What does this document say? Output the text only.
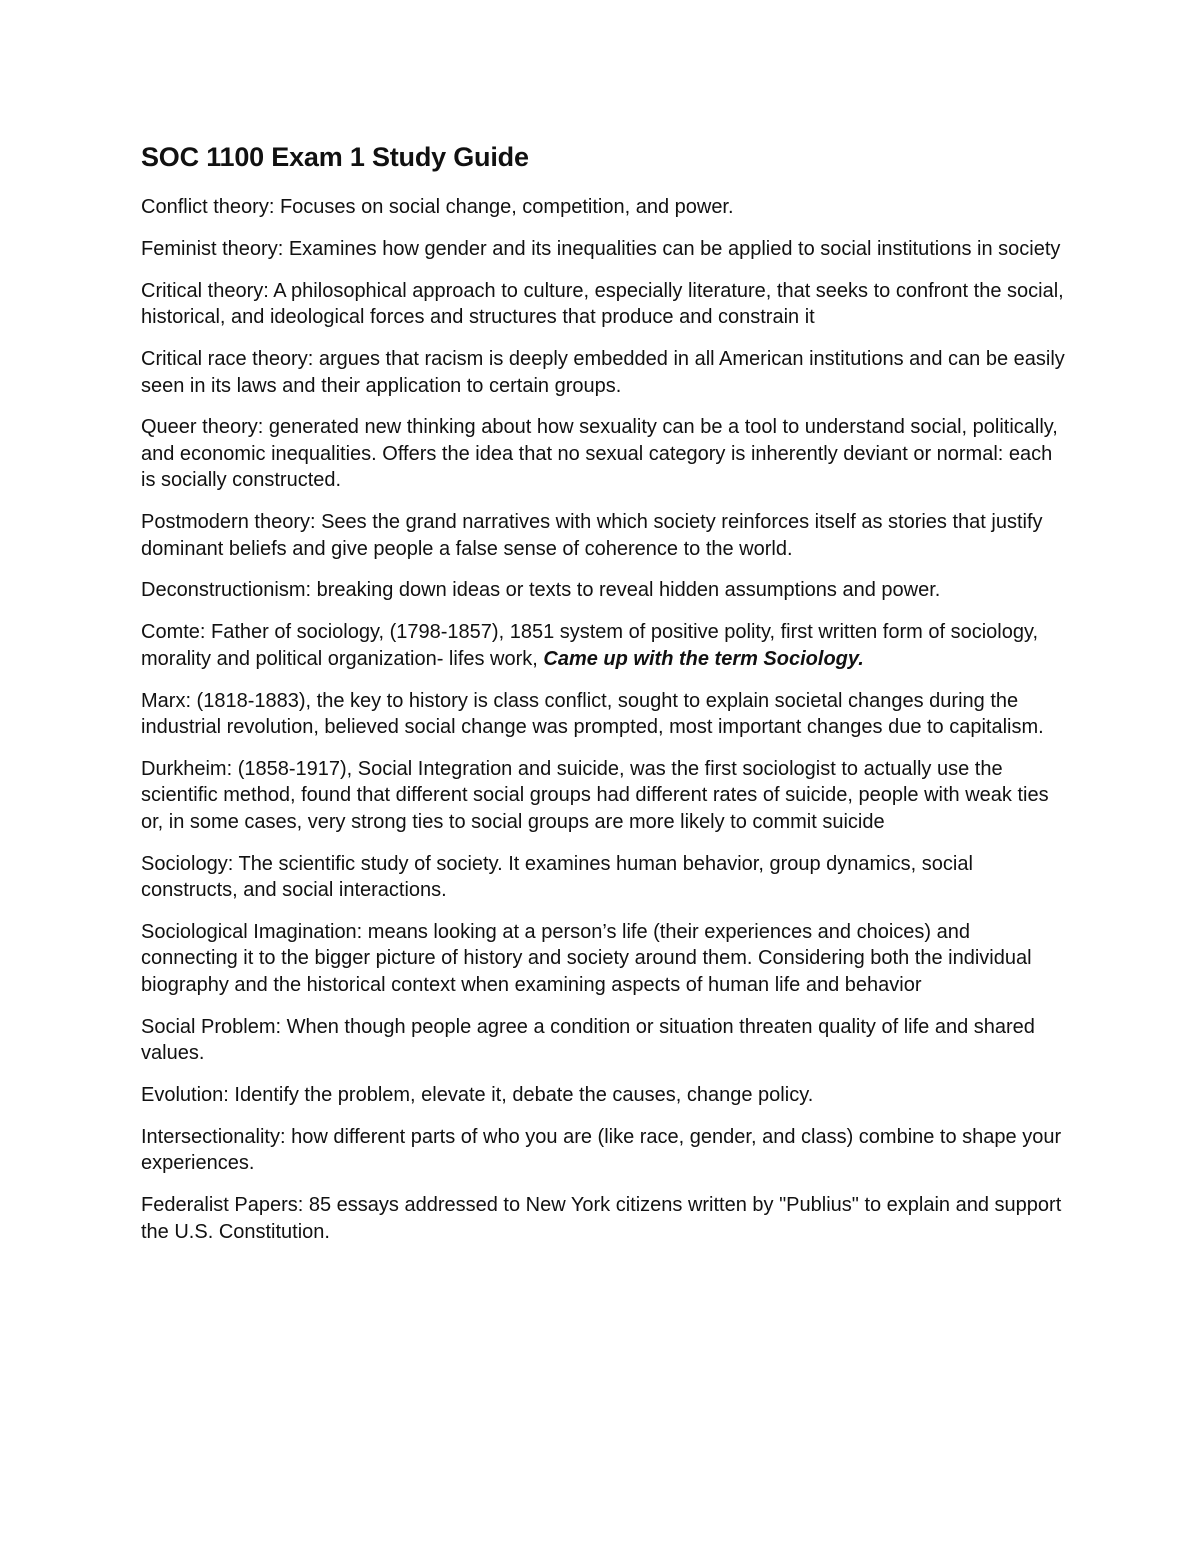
SOC 1100 Exam 1 Study Guide

Conflict theory: Focuses on social change, competition, and power.

Feminist theory: Examines how gender and its inequalities can be applied to social institutions in society

Critical theory: A philosophical approach to culture, especially literature, that seeks to confront the social, historical, and ideological forces and structures that produce and constrain it

Critical race theory: argues that racism is deeply embedded in all American institutions and can be easily seen in its laws and their application to certain groups.

Queer theory: generated new thinking about how sexuality can be a tool to understand social, politically, and economic inequalities. Offers the idea that no sexual category is inherently deviant or normal: each is socially constructed.

Postmodern theory: Sees the grand narratives with which society reinforces itself as stories that justify dominant beliefs and give people a false sense of coherence to the world.

Deconstructionism: breaking down ideas or texts to reveal hidden assumptions and power.

Comte: Father of sociology, (1798-1857), 1851 system of positive polity, first written form of sociology, morality and political organization- lifes work, Came up with the term Sociology.

Marx: (1818-1883), the key to history is class conflict, sought to explain societal changes during the industrial revolution, believed social change was prompted, most important changes due to capitalism.

Durkheim: (1858-1917), Social Integration and suicide, was the first sociologist to actually use the scientific method, found that different social groups had different rates of suicide, people with weak ties or, in some cases, very strong ties to social groups are more likely to commit suicide

Sociology: The scientific study of society. It examines human behavior, group dynamics, social constructs, and social interactions.

Sociological Imagination: means looking at a person’s life (their experiences and choices) and connecting it to the bigger picture of history and society around them. Considering both the individual biography and the historical context when examining aspects of human life and behavior

Social Problem: When though people agree a condition or situation threaten quality of life and shared values.

Evolution: Identify the problem, elevate it, debate the causes, change policy.

Intersectionality: how different parts of who you are (like race, gender, and class) combine to shape your experiences.

Federalist Papers: 85 essays addressed to New York citizens written by "Publius" to explain and support the U.S. Constitution.
